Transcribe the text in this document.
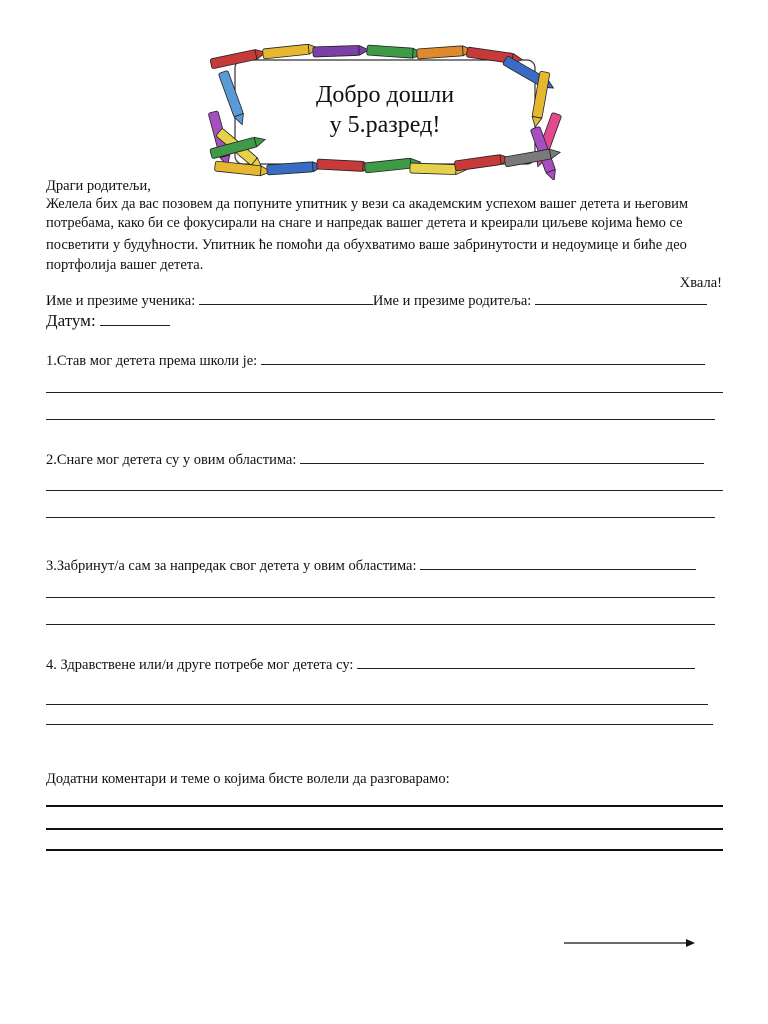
Добро дошли
у 5.разред!
Драги родитељи,
Желела бих да вас позовем да попуните упитник у вези са академским успехом вашег детета и његовим
потребама, како би се фокусирали на снаге и напредак вашег детета и креирали циљеве којима ћемо се
посветити у будућности. Упитник ће помоћи да обухватимо ваше забринутости и недоумице и биће део
портфолија вашег детета.
Хвала!
Име и презиме ученика:	Име и презиме родитеља:
Датум:
1.Став мог детета према школи је:
2.Снаге мог детета су у овим областима:
3.Забринут/а сам за напредак свог детета у овим областима:
4. Здравствене или/и друге потребе мог детета су:
Додатни коментари и теме о којима бисте волели да разговарамо:
